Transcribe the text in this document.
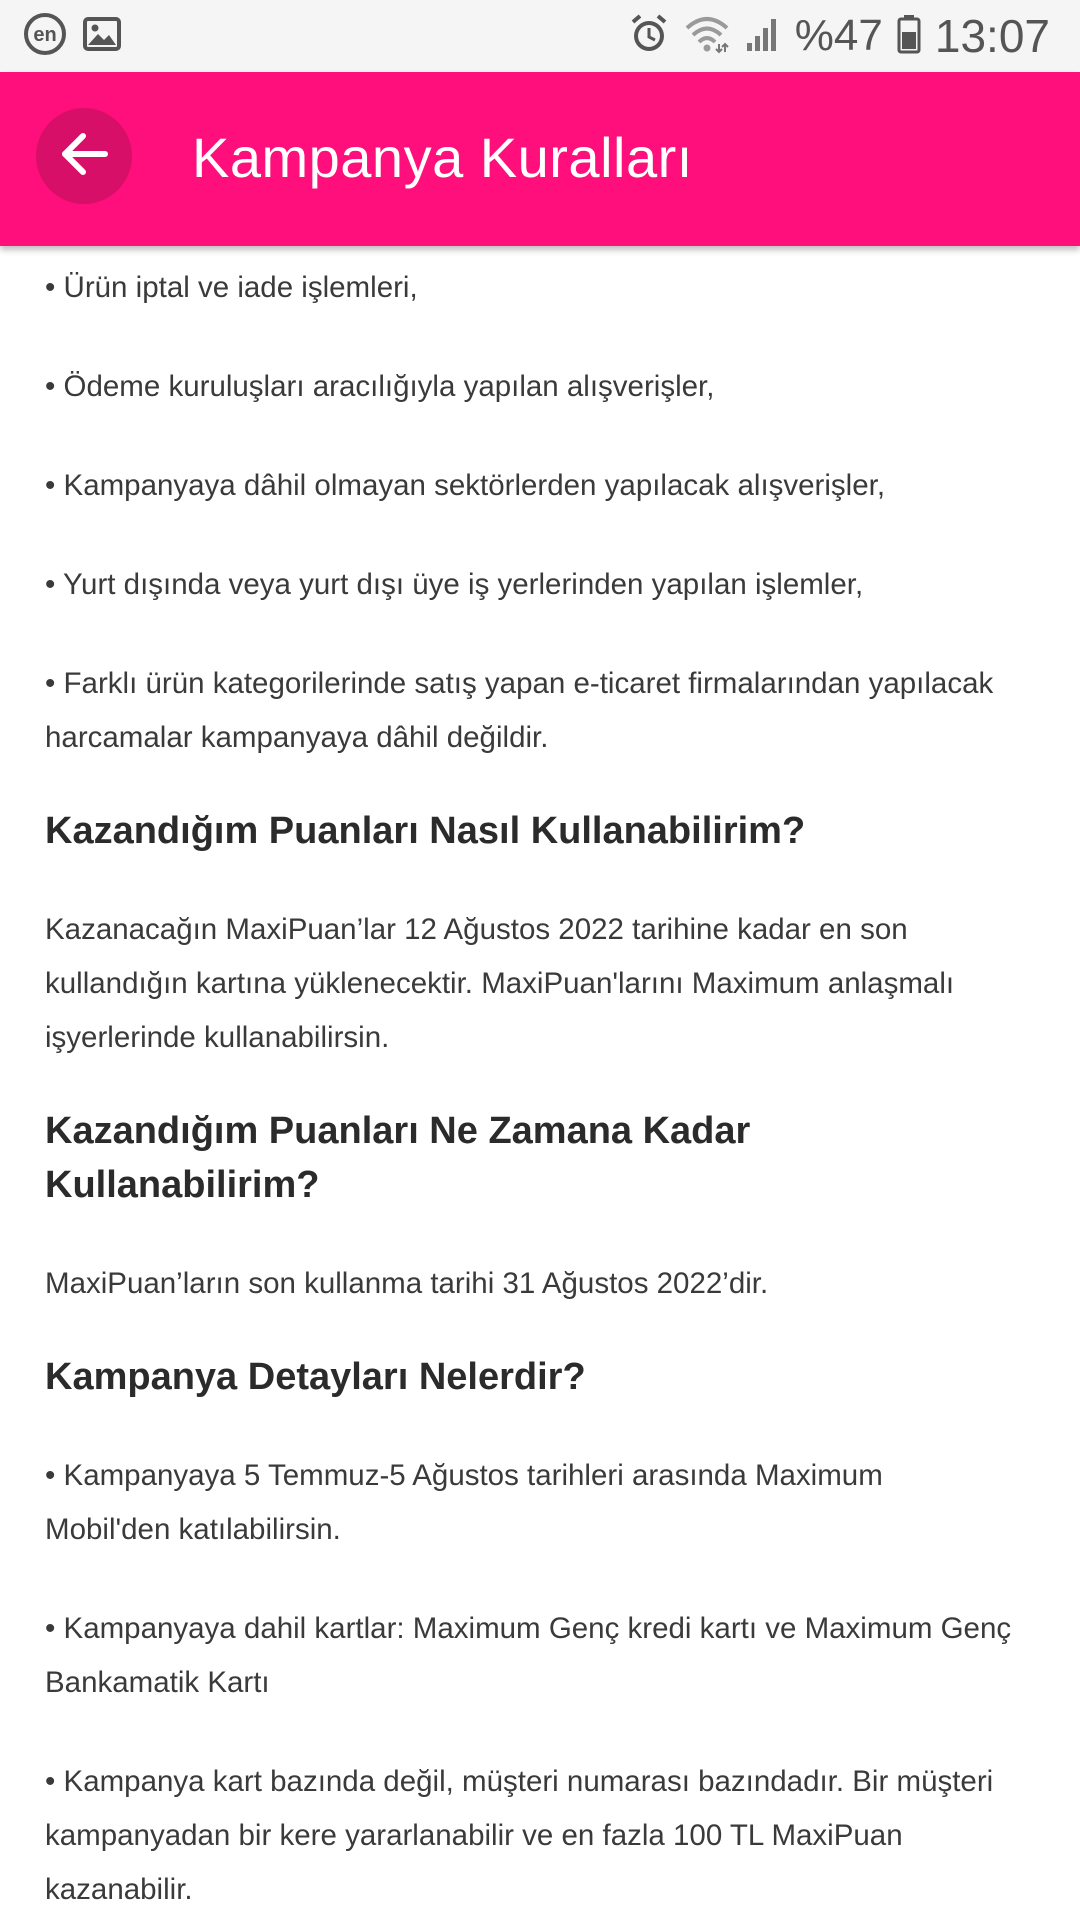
en	%47 13:07
Kampanya Kuralları

• Ürün iptal ve iade işlemleri,

• Ödeme kuruluşları aracılığıyla yapılan alışverişler,

• Kampanyaya dâhil olmayan sektörlerden yapılacak alışverişler,

• Yurt dışında veya yurt dışı üye iş yerlerinden yapılan işlemler,

• Farklı ürün kategorilerinde satış yapan e-ticaret firmalarından yapılacak harcamalar kampanyaya dâhil değildir.

Kazandığım Puanları Nasıl Kullanabilirim?

Kazanacağın MaxiPuan’lar 12 Ağustos 2022 tarihine kadar en son kullandığın kartına yüklenecektir. MaxiPuan'larını Maximum anlaşmalı işyerlerinde kullanabilirsin.

Kazandığım Puanları Ne Zamana Kadar Kullanabilirim?

MaxiPuan’ların son kullanma tarihi 31 Ağustos 2022’dir.

Kampanya Detayları Nelerdir?

• Kampanyaya 5 Temmuz-5 Ağustos tarihleri arasında Maximum Mobil'den katılabilirsin.

• Kampanyaya dahil kartlar: Maximum Genç kredi kartı ve Maximum Genç Bankamatik Kartı

• Kampanya kart bazında değil, müşteri numarası bazındadır. Bir müşteri kampanyadan bir kere yararlanabilir ve en fazla 100 TL MaxiPuan kazanabilir.
